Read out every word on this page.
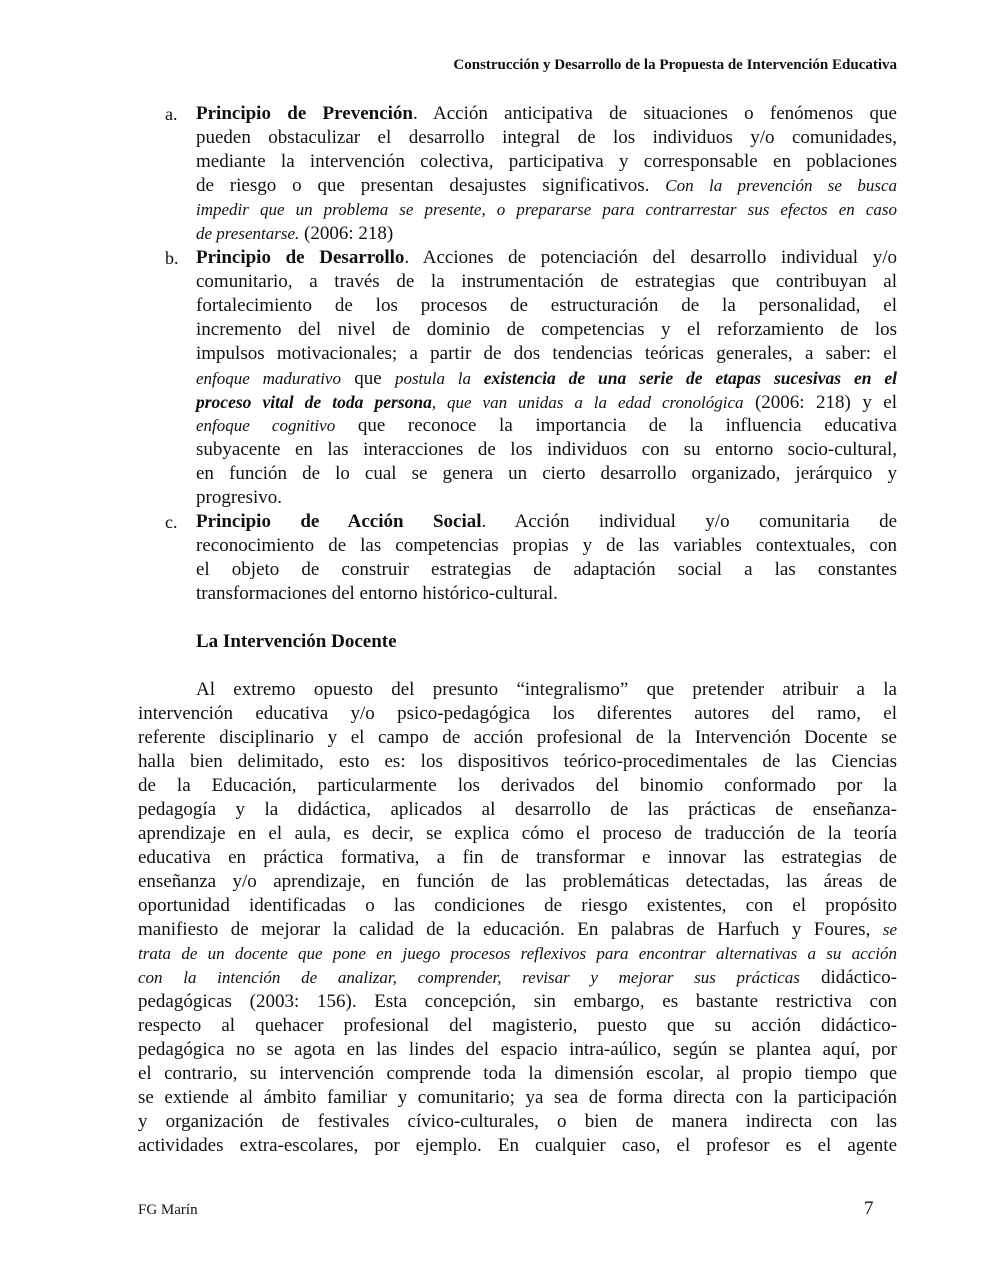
Construcción y Desarrollo de la Propuesta de Intervención Educativa
a. Principio de Prevención. Acción anticipativa de situaciones o fenómenos que
pueden obstaculizar el desarrollo integral de los individuos y/o comunidades,
mediante la intervención colectiva, participativa y corresponsable en poblaciones
de riesgo o que presentan desajustes significativos. Con la prevención se busca
impedir que un problema se presente, o prepararse para contrarrestar sus efectos en caso
de presentarse. (2006: 218)
b. Principio de Desarrollo. Acciones de potenciación del desarrollo individual y/o
comunitario, a través de la instrumentación de estrategias que contribuyan al
fortalecimiento de los procesos de estructuración de la personalidad, el
incremento del nivel de dominio de competencias y el reforzamiento de los
impulsos motivacionales; a partir de dos tendencias teóricas generales, a saber: el
enfoque madurativo que postula la existencia de una serie de etapas sucesivas en el
proceso vital de toda persona, que van unidas a la edad cronológica (2006: 218) y el
enfoque cognitivo que reconoce la importancia de la influencia educativa
subyacente en las interacciones de los individuos con su entorno socio-cultural,
en función de lo cual se genera un cierto desarrollo organizado, jerárquico y
progresivo.
c. Principio de Acción Social. Acción individual y/o comunitaria de
reconocimiento de las competencias propias y de las variables contextuales, con
el objeto de construir estrategias de adaptación social a las constantes
transformaciones del entorno histórico-cultural.
La Intervención Docente
Al extremo opuesto del presunto “integralismo” que pretender atribuir a la
intervención educativa y/o psico-pedagógica los diferentes autores del ramo, el
referente disciplinario y el campo de acción profesional de la Intervención Docente se
halla bien delimitado, esto es: los dispositivos teórico-procedimentales de las Ciencias
de la Educación, particularmente los derivados del binomio conformado por la
pedagogía y la didáctica, aplicados al desarrollo de las prácticas de enseñanza-
aprendizaje en el aula, es decir, se explica cómo el proceso de traducción de la teoría
educativa en práctica formativa, a fin de transformar e innovar las estrategias de
enseñanza y/o aprendizaje, en función de las problemáticas detectadas, las áreas de
oportunidad identificadas o las condiciones de riesgo existentes, con el propósito
manifiesto de mejorar la calidad de la educación. En palabras de Harfuch y Foures, se
trata de un docente que pone en juego procesos reflexivos para encontrar alternativas a su acción
con la intención de analizar, comprender, revisar y mejorar sus prácticas didáctico-
pedagógicas (2003: 156). Esta concepción, sin embargo, es bastante restrictiva con
respecto al quehacer profesional del magisterio, puesto que su acción didáctico-
pedagógica no se agota en las lindes del espacio intra-aúlico, según se plantea aquí, por
el contrario, su intervención comprende toda la dimensión escolar, al propio tiempo que
se extiende al ámbito familiar y comunitario; ya sea de forma directa con la participación
y organización de festivales cívico-culturales, o bien de manera indirecta con las
actividades extra-escolares, por ejemplo. En cualquier caso, el profesor es el agente
FG Marín	7
